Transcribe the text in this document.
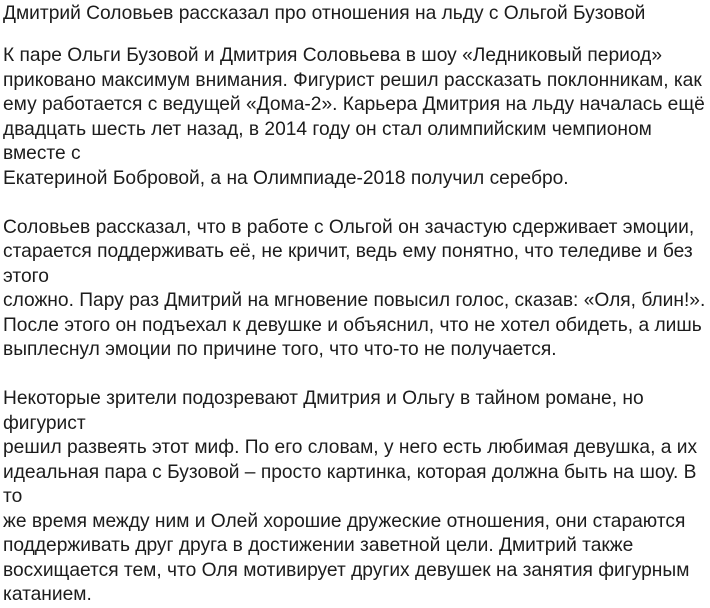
Дмитрий Соловьев рассказал про отношения на льду с Ольгой Бузовой

К паре Ольги Бузовой и Дмитрия Соловьева в шоу «Ледниковый период»
приковано максимум внимания. Фигурист решил рассказать поклонникам, как
ему работается с ведущей «Дома-2». Карьера Дмитрия на льду началась ещё
двадцать шесть лет назад, в 2014 году он стал олимпийским чемпионом вместе с
Екатериной Бобровой, а на Олимпиаде-2018 получил серебро.

Соловьев рассказал, что в работе с Ольгой он зачастую сдерживает эмоции,
старается поддерживать её, не кричит, ведь ему понятно, что теледиве и без этого
сложно. Пару раз Дмитрий на мгновение повысил голос, сказав: «Оля, блин!».
После этого он подъехал к девушке и объяснил, что не хотел обидеть, а лишь
выплеснул эмоции по причине того, что что-то не получается.

Некоторые зрители подозревают Дмитрия и Ольгу в тайном романе, но фигурист
решил развеять этот миф. По его словам, у него есть любимая девушка, а их
идеальная пара с Бузовой – просто картинка, которая должна быть на шоу. В то
же время между ним и Олей хорошие дружеские отношения, они стараются
поддерживать друг друга в достижении заветной цели. Дмитрий также
восхищается тем, что Оля мотивирует других девушек на занятия фигурным
катанием.
